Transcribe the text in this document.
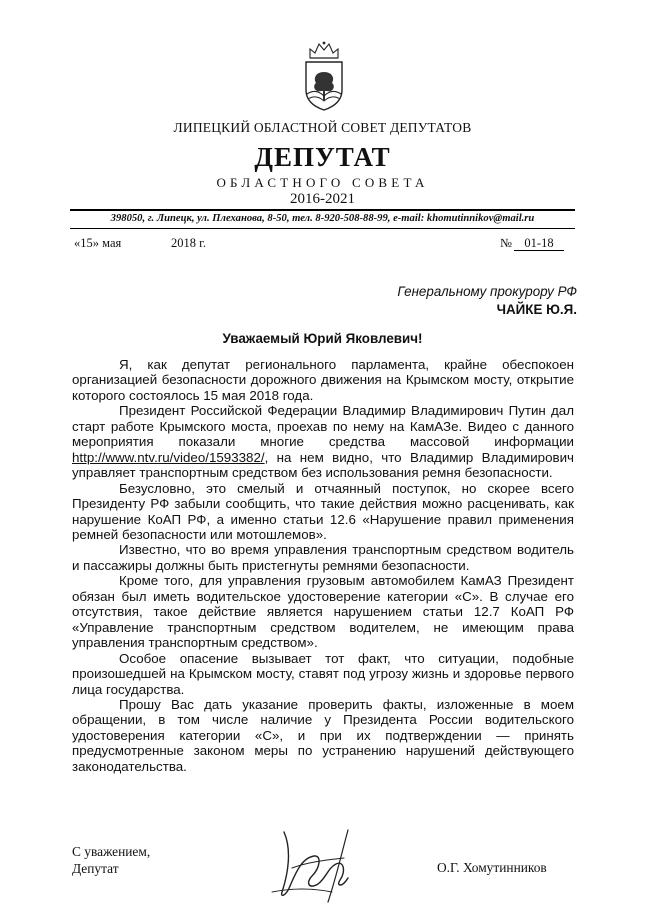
ЛИПЕЦКИЙ ОБЛАСТНОЙ СОВЕТ ДЕПУТАТОВ
ДЕПУТАТ
ОБЛАСТНОГО СОВЕТА
2016-2021
398050, г. Липецк, ул. Плеханова, 8-50, тел. 8-920-508-88-99, e-mail: khomutinnikov@mail.ru
«15» мая	2018 г.	№ 01-18
Генеральному прокурору РФ
ЧАЙКЕ Ю.Я.
Уважаемый Юрий Яковлевич!

Я, как депутат регионального парламента, крайне обеспокоен организацией безопасности дорожного движения на Крымском мосту, открытие которого состоялось 15 мая 2018 года.

Президент Российской Федерации Владимир Владимирович Путин дал старт работе Крымского моста, проехав по нему на КамАЗе. Видео с данного мероприятия показали многие средства массовой информации http://www.ntv.ru/video/1593382/, на нем видно, что Владимир Владимирович управляет транспортным средством без использования ремня безопасности.

Безусловно, это смелый и отчаянный поступок, но скорее всего Президенту РФ забыли сообщить, что такие действия можно расценивать, как нарушение КоАП РФ, а именно статьи 12.6 «Нарушение правил применения ремней безопасности или мотошлемов».

Известно, что во время управления транспортным средством водитель и пассажиры должны быть пристегнуты ремнями безопасности.

Кроме того, для управления грузовым автомобилем КамАЗ Президент обязан был иметь водительское удостоверение категории «С». В случае его отсутствия, такое действие является нарушением статьи 12.7 КоАП РФ «Управление транспортным средством водителем, не имеющим права управления транспортным средством».

Особое опасение вызывает тот факт, что ситуации, подобные произошедшей на Крымском мосту, ставят под угрозу жизнь и здоровье первого лица государства.

Прошу Вас дать указание проверить факты, изложенные в моем обращении, в том числе наличие у Президента России водительского удостоверения категории «С», и при их подтверждении — принять предусмотренные законом меры по устранению нарушений действующего законодательства.

С уважением,
Депутат	О.Г. Хомутинников
